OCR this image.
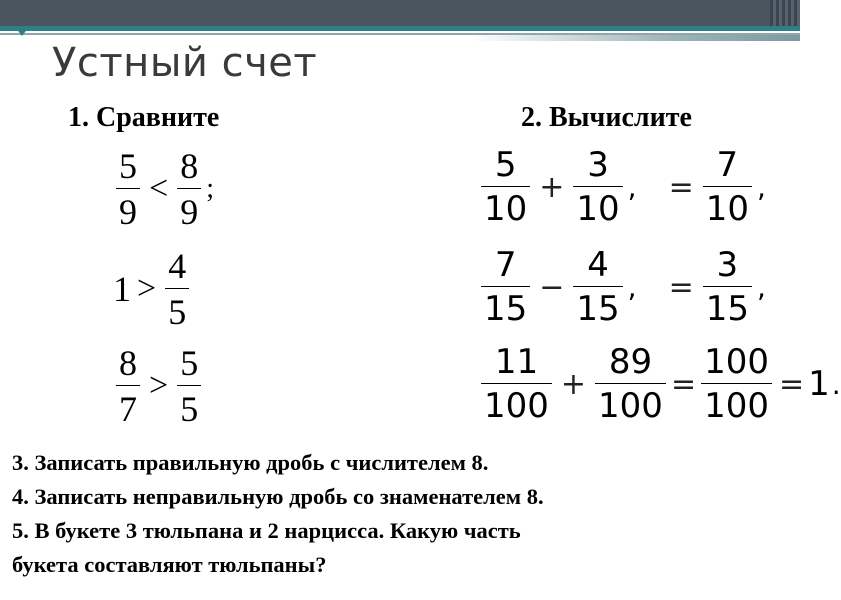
Устный счет
1. Сравните	2. Вычислите
$\frac{5}{9} < \frac{8}{9}$ ;
$1 > \frac{4}{5}$
$\frac{8}{7} > \frac{5}{5}$
$\frac{5}{10} + \frac{3}{10}$ , = $\frac{7}{10}$ ,
$\frac{7}{15} - \frac{4}{15}$ , = $\frac{3}{15}$ ,
$\frac{11}{100} + \frac{89}{100} = \frac{100}{100} = 1$ .
3. Записать правильную дробь с числителем 8.
4. Записать неправильную дробь со знаменателем 8.
5. В букете 3 тюльпана и 2 нарцисса. Какую часть
букета составляют тюльпаны?
